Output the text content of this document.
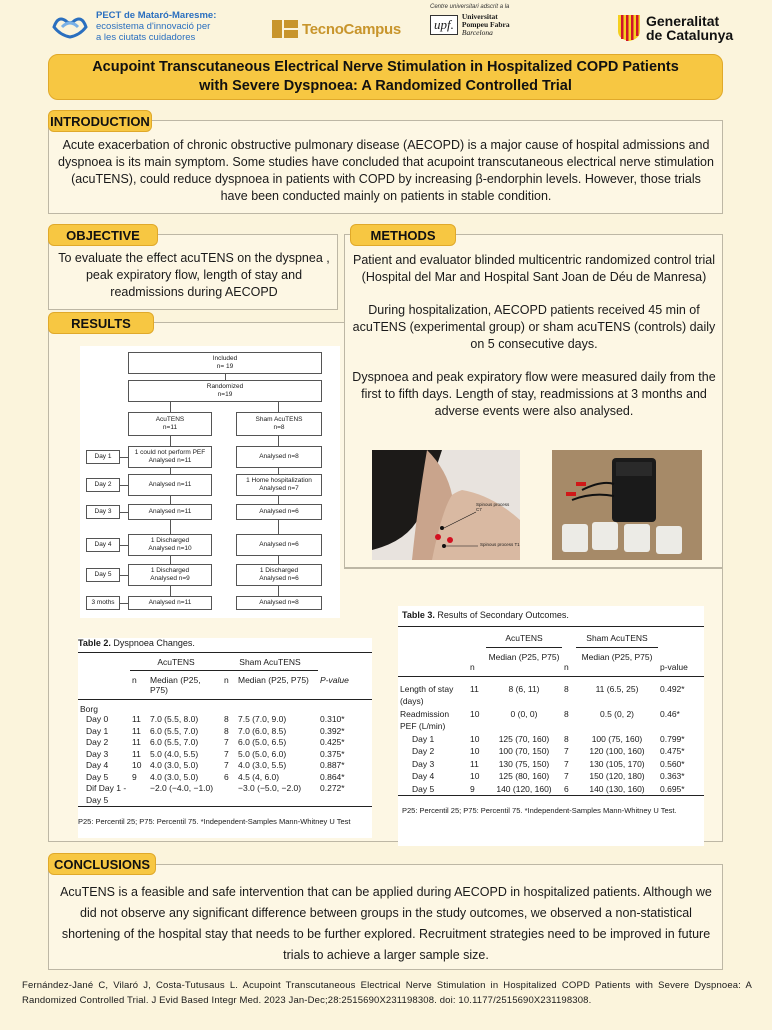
PECT de Mataró-Maresme:
ecosistema d'innovació per
a les ciutats cuidadores	TecnoCampus
Centre universitari adscrit a la
upf.
Universitat
Pompeu Fabra
Barcelona
Generalitat
de Catalunya
Acupoint Transcutaneous Electrical Nerve Stimulation in Hospitalized COPD Patients
with Severe Dyspnoea: A Randomized Controlled Trial
INTRODUCTION
Acute exacerbation of chronic obstructive pulmonary disease (AECOPD) is a major cause of hospital admissions and dyspnoea is its main symptom. Some studies have concluded that acupoint transcutaneous electrical nerve stimulation (acuTENS), could reduce dyspnoea in patients with COPD by increasing β-endorphin levels. However, those trials have been conducted mainly on patients in stable condition.
OBJECTIVE
To evaluate the effect acuTENS on the dyspnea , peak expiratory flow, length of stay and readmissions during AECOPD
METHODS

Patient and evaluator blinded multicentric randomized control trial (Hospital del Mar and Hospital Sant Joan de Déu de Manresa)

During hospitalization, AECOPD patients received 45 min of acuTENS (experimental group) or sham acuTENS (controls) daily on 5 consecutive days.

Dyspnoea and peak expiratory flow were measured daily from the first to fifth days. Length of stay, readmissions at 3 months and adverse events were also analysed.

Spinous process C7
Spinous process T1
RESULTS
Included
n= 19
Randomized
n=19
AcuTENS
n=11
Sham AcuTENS
n=8
Day 1
1 could not perform PEF
Analysed n=11
Analysed n=8
Day 2	Analysed n=11
1 Home hospitalization
Analysed n=7
Day 3	Analysed n=11	Analysed n=6
Day 4
1 Discharged
Analysed n=10
Analysed n=6
Day 5
1 Discharged
Analysed n=9
1 Discharged
Analysed n=6
3 moths	Analysed n=11	Analysed n=8
Table 2. Dyspnoea Changes.
	AcuTENS		Sham AcuTENS		
	n	Median (P25, P75)	n	Median (P25, P75)	P-value
Borg					
Day 0	11	7.0 (5.5, 8.0)	8	7.5 (7.0, 9.0)	0.310*
Day 1	11	6.0 (5.5, 7.0)	8	7.0 (6.0, 8.5)	0.392*
Day 2	11	6.0 (5.5, 7.0)	7	6.0 (5.0, 6.5)	0.425*
Day 3	11	5.0 (4.0, 5.5)	7	5.0 (5.0, 6.0)	0.375*
Day 4	10	4.0 (3.0, 5.0)	7	4.0 (3.0, 5.5)	0.887*
Day 5	9	4.0 (3.0, 5.0)	6	4.5 (4, 6.0)	0.864*
Dif Day 1 - Day 5		−2.0 (−4.0, −1.0)		−3.0 (−5.0, −2.0)	0.272*
P25: Percentil 25; P75: Percentil 75. *Independent-Samples Mann-Whitney U Test
Table 3. Results of Secondary Outcomes.
		AcuTENS		Sham AcuTENS	
	n	Median (P25, P75)	n	Median (P25, P75)	p-value
Length of stay (days)	11	8 (6, 11)	8	11 (6.5, 25)	0.492*
Readmission	10	0 (0, 0)	8	0.5 (0, 2)	0.46*
PEF (L/min)					
Day 1	10	125 (70, 160)	8	100 (75, 160)	0.799*
Day 2	10	100 (70, 150)	7	120 (100, 160)	0.475*
Day 3	11	130 (75, 150)	7	130 (105, 170)	0.560*
Day 4	10	125 (80, 160)	7	150 (120, 180)	0.363*
Day 5	9	140 (120, 160)	6	140 (130, 160)	0.695*
P25: Percentil 25; P75: Percentil 75. *Independent-Samples Mann-Whitney U Test.
CONCLUSIONS
AcuTENS is a feasible and safe intervention that can be applied during AECOPD in hospitalized patients. Although we did not observe any significant difference between groups in the study outcomes, we observed a non-statistical shortening of the hospital stay that needs to be further explored. Recruitment strategies need to be improved in future trials to achieve a larger sample size.
Fernández-Jané C, Vilaró J, Costa-Tutusaus L. Acupoint Transcutaneous Electrical Nerve Stimulation in Hospitalized COPD Patients with Severe Dyspnoea: A Randomized Controlled Trial. J Evid Based Integr Med. 2023 Jan-Dec;28:2515690X231198308. doi: 10.1177/2515690X231198308.
